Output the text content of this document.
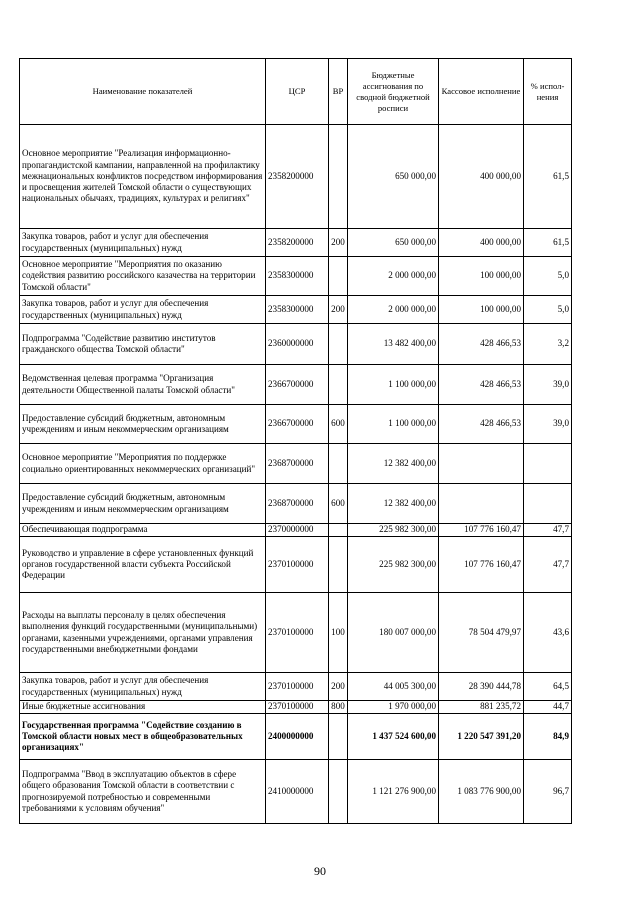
Наименование показателей	ЦСР	ВР	Бюджетные ассигнования по сводной бюджетной росписи	Кассовое исполнение	% испол-нения
Основное мероприятие "Реализация информационно-пропагандистской кампании, направленной на профилактику межнациональных конфликтов посредством информирования и просвещения жителей Томской области о существующих национальных обычаях, традициях, культурах и религиях"	2358200000		650 000,00	400 000,00	61,5
Закупка товаров, работ и услуг для обеспечения государственных (муниципальных) нужд	2358200000	200	650 000,00	400 000,00	61,5
Основное мероприятие "Мероприятия по оказанию содействия развитию российского казачества на территории Томской области"	2358300000		2 000 000,00	100 000,00	5,0
Закупка товаров, работ и услуг для обеспечения государственных (муниципальных) нужд	2358300000	200	2 000 000,00	100 000,00	5,0
Подпрограмма "Содействие развитию институтов гражданского общества Томской области"	2360000000		13 482 400,00	428 466,53	3,2
Ведомственная целевая программа "Организация деятельности Общественной палаты Томской области"	2366700000		1 100 000,00	428 466,53	39,0
Предоставление субсидий бюджетным, автономным учреждениям и иным некоммерческим организациям	2366700000	600	1 100 000,00	428 466,53	39,0
Основное мероприятие "Мероприятия по поддержке социально ориентированных некоммерческих организаций"	2368700000		12 382 400,00		
Предоставление субсидий бюджетным, автономным учреждениям и иным некоммерческим организациям	2368700000	600	12 382 400,00		
Обеспечивающая подпрограмма	2370000000		225 982 300,00	107 776 160,47	47,7
Руководство и управление в сфере установленных функций органов государственной власти субъекта Российской Федерации	2370100000		225 982 300,00	107 776 160,47	47,7
Расходы на выплаты персоналу в целях обеспечения выполнения функций государственными (муниципальными) органами, казенными учреждениями, органами управления государственными внебюджетными фондами	2370100000	100	180 007 000,00	78 504 479,97	43,6
Закупка товаров, работ и услуг для обеспечения государственных (муниципальных) нужд	2370100000	200	44 005 300,00	28 390 444,78	64,5
Иные бюджетные ассигнования	2370100000	800	1 970 000,00	881 235,72	44,7
Государственная программа "Содействие созданию в Томской области новых мест в общеобразовательных организациях"	2400000000		1 437 524 600,00	1 220 547 391,20	84,9
Подпрограмма "Ввод в эксплуатацию объектов в сфере общего образования Томской области в соответствии с прогнозируемой потребностью и современными требованиями к условиям обучения"	2410000000		1 121 276 900,00	1 083 776 900,00	96,7
90
